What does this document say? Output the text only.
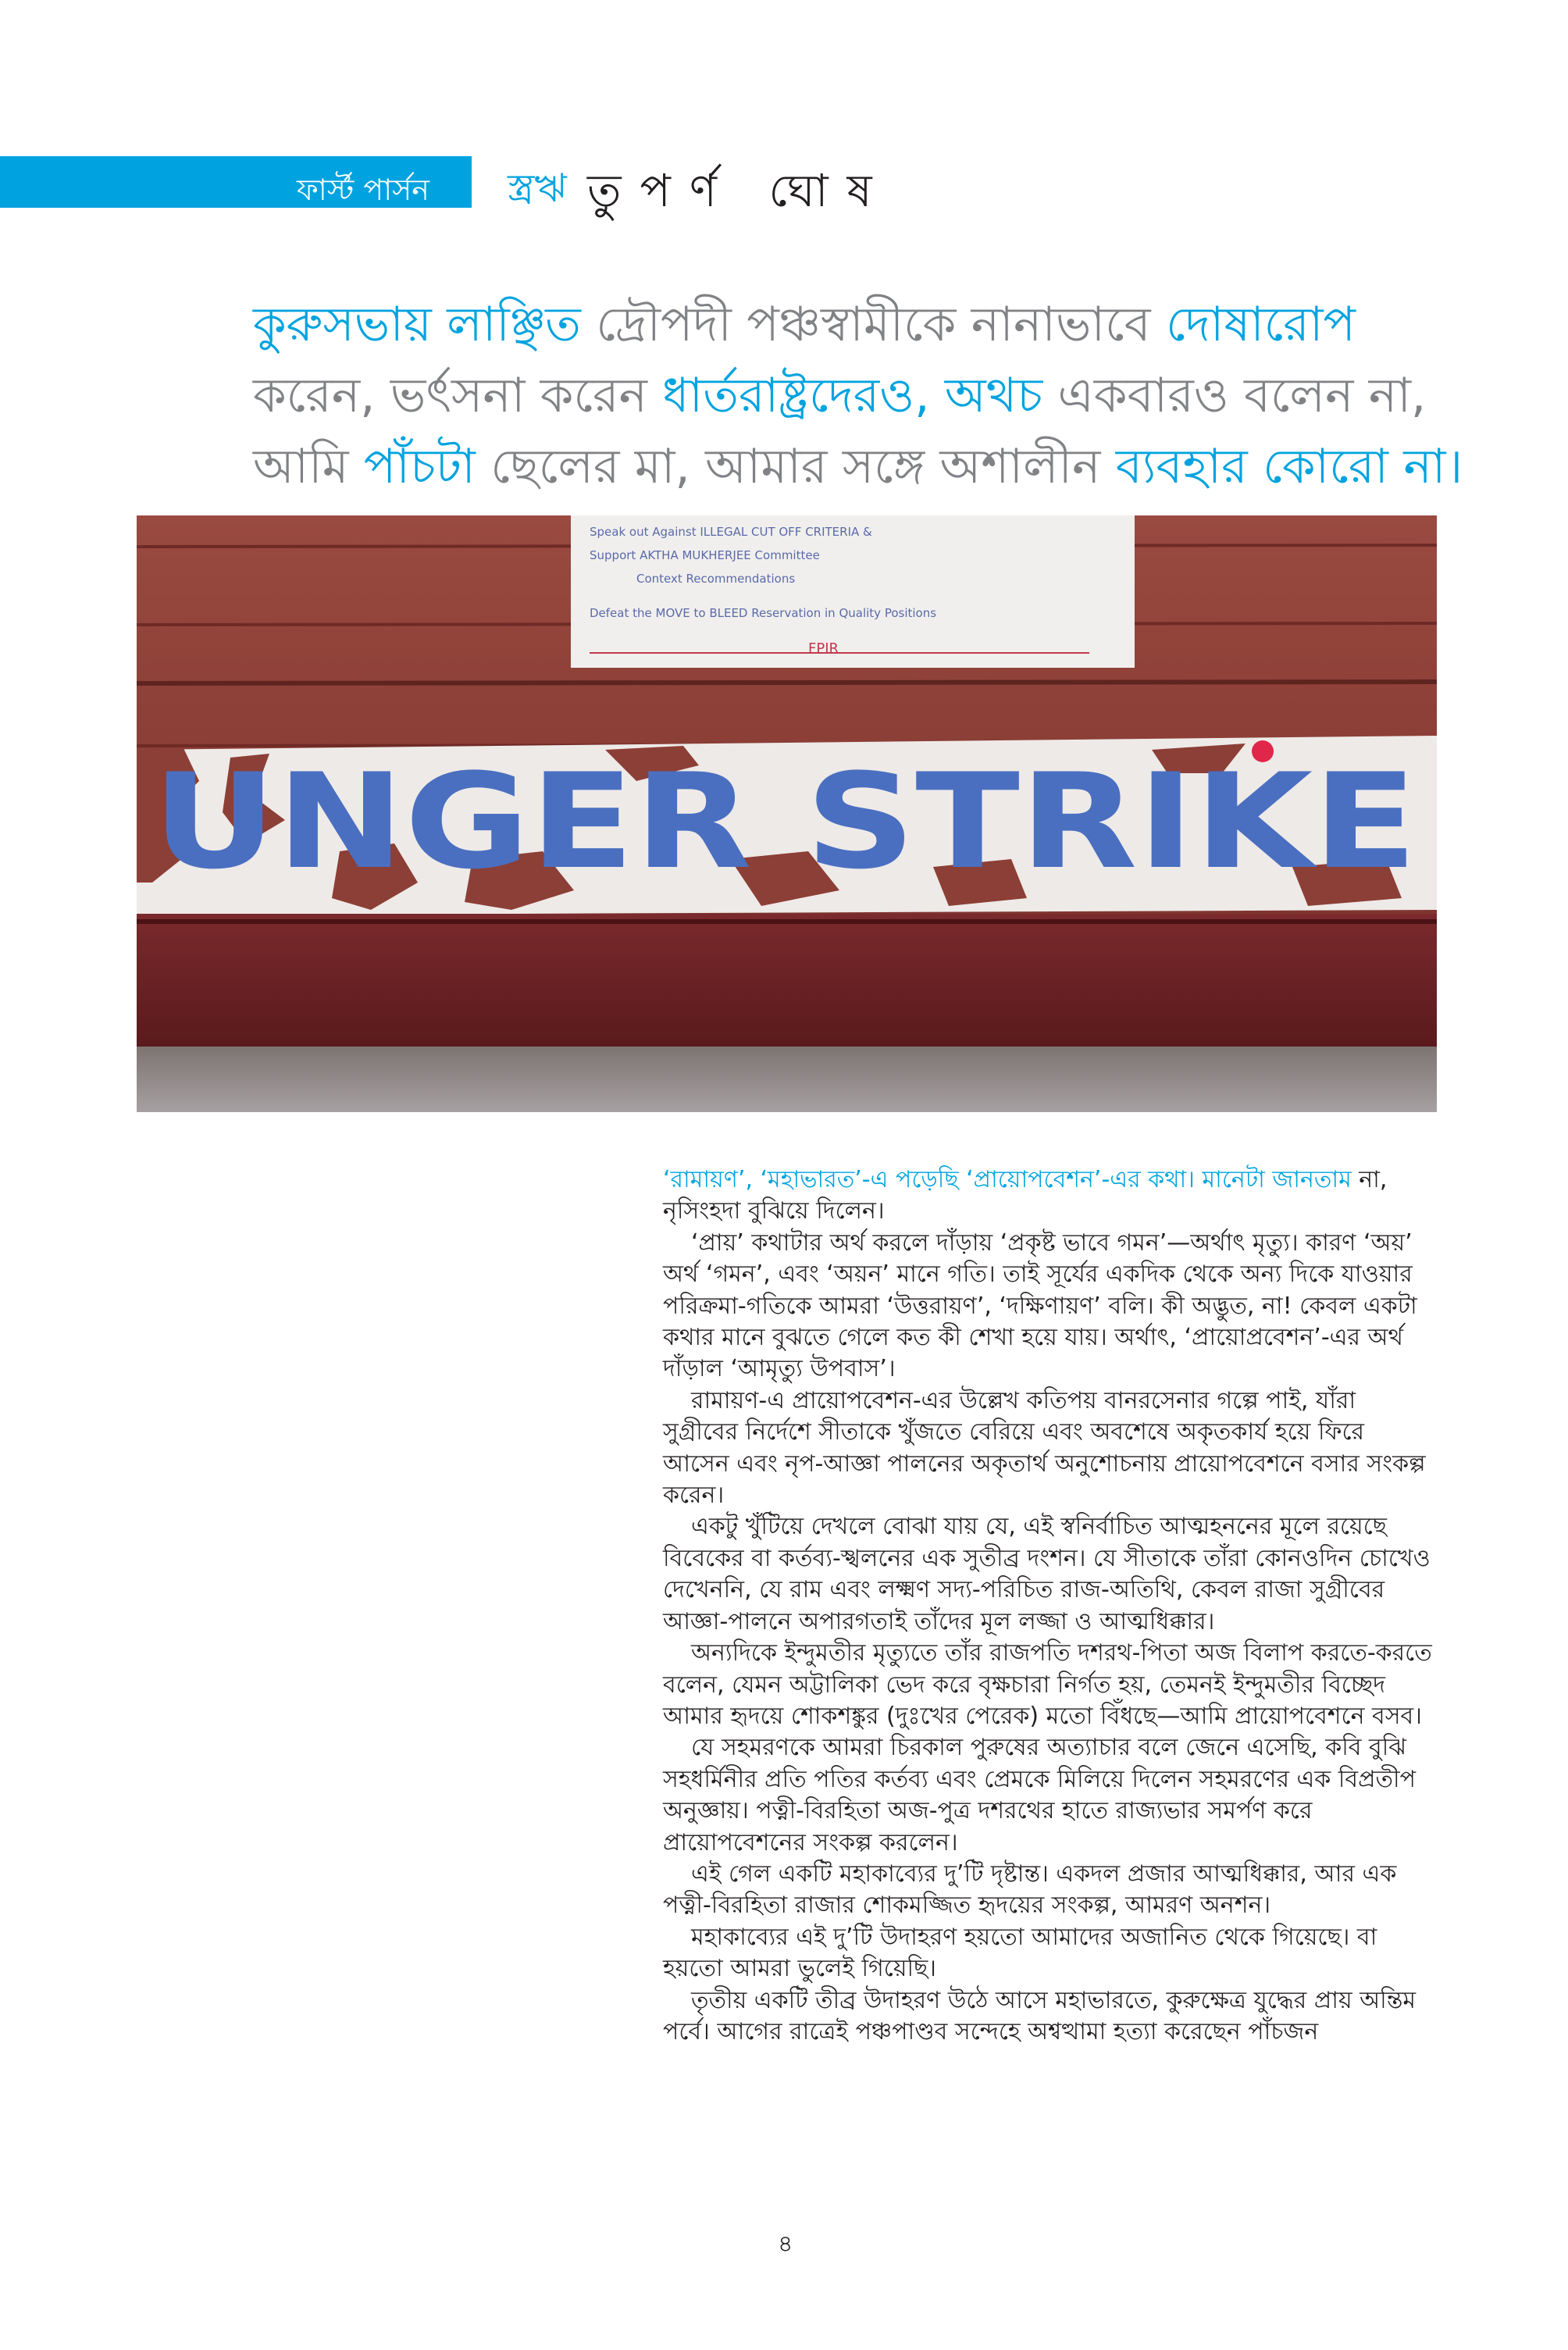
ফার্স্ট পার্সন স্ত্রঋ তুপর্ণ ঘোষ
কুরুসভায় লাঞ্ছিত দ্রৌপদী পঞ্চস্বামীকে নানাভাবে দোষারোপ
করেন, ভর্ৎসনা করেন ধার্তরাষ্ট্রদেরও, অথচ একবারও বলেন না,
আমি পাঁচটা ছেলের মা, আমার সঙ্গে অশালীন ব্যবহার কোরো না।
Speak out Against ILLEGAL CUT OFF CRITERIA &
Support AKTHA MUKHERJEE Committee
Context Recommendations
Defeat the MOVE to BLEED Reservation in Quality Positions
FPIR
UNGER STRIKE

‘রামায়ণ’, ‘মহাভারত’-এ পড়েছি ‘প্রায়োপবেশন’-এর কথা। মানেটা জানতাম না, নৃসিংহদা বুঝিয়ে দিলেন।

‘প্রায়’ কথাটার অর্থ করলে দাঁড়ায় ‘প্রকৃষ্ট ভাবে গমন’—অর্থাৎ মৃত্যু। কারণ ‘অয়’ অর্থ ‘গমন’, এবং ‘অয়ন’ মানে গতি। তাই সূর্যের একদিক থেকে অন্য দিকে যাওয়ার পরিক্রমা-গতিকে আমরা ‘উত্তরায়ণ’, ‘দক্ষিণায়ণ’ বলি। কী অদ্ভুত, না! কেবল একটা কথার মানে বুঝতে গেলে কত কী শেখা হয়ে যায়। অর্থাৎ, ‘প্রায়োপ্রবেশন’-এর অর্থ দাঁড়াল ‘আমৃত্যু উপবাস’।

রামায়ণ-এ প্রায়োপবেশন-এর উল্লেখ কতিপয় বানরসেনার গল্পে পাই, যাঁরা সুগ্রীবের নির্দেশে সীতাকে খুঁজতে বেরিয়ে এবং অবশেষে অকৃতকার্য হয়ে ফিরে আসেন এবং নৃপ-আজ্ঞা পালনের অকৃতার্থ অনুশোচনায় প্রায়োপবেশনে বসার সংকল্প করেন।

একটু খুঁটিয়ে দেখলে বোঝা যায় যে, এই স্বনির্বাচিত আত্মহননের মূলে রয়েছে বিবেকের বা কর্তব্য-স্খলনের এক সুতীব্র দংশন। যে সীতাকে তাঁরা কোনওদিন চোখেও দেখেননি, যে রাম এবং লক্ষ্মণ সদ্য-পরিচিত রাজ-অতিথি, কেবল রাজা সুগ্রীবের আজ্ঞা-পালনে অপারগতাই তাঁদের মূল লজ্জা ও আত্মধিক্কার।

অন্যদিকে ইন্দুমতীর মৃত্যুতে তাঁর রাজপতি দশরথ-পিতা অজ বিলাপ করতে-করতে বলেন, যেমন অট্টালিকা ভেদ করে বৃক্ষচারা নির্গত হয়, তেমনই ইন্দুমতীর বিচ্ছেদ আমার হৃদয়ে শোকশঙ্কুর (দুঃখের পেরেক) মতো বিঁধছে—আমি প্রায়োপবেশনে বসব।

যে সহমরণকে আমরা চিরকাল পুরুষের অত্যাচার বলে জেনে এসেছি, কবি বুঝি সহধর্মিনীর প্রতি পতির কর্তব্য এবং প্রেমকে মিলিয়ে দিলেন সহমরণের এক বিপ্রতীপ অনুজ্ঞায়। পত্নী-বিরহিতা অজ-পুত্র দশরথের হাতে রাজ্যভার সমর্পণ করে প্রায়োপবেশনের সংকল্প করলেন।

এই গেল একটি মহাকাব্যের দু’টি দৃষ্টান্ত। একদল প্রজার আত্মধিক্কার, আর এক পত্নী-বিরহিতা রাজার শোকমজ্জিত হৃদয়ের সংকল্প, আমরণ অনশন।

মহাকাব্যের এই দু’টি উদাহরণ হয়তো আমাদের অজানিত থেকে গিয়েছে। বা হয়তো আমরা ভুলেই গিয়েছি।

তৃতীয় একটি তীব্র উদাহরণ উঠে আসে মহাভারতে, কুরুক্ষেত্র যুদ্ধের প্রায় অন্তিম পর্বে। আগের রাত্রেই পঞ্চপাণ্ডব সন্দেহে অশ্বত্থামা হত্যা করেছেন পাঁচজন

৪
